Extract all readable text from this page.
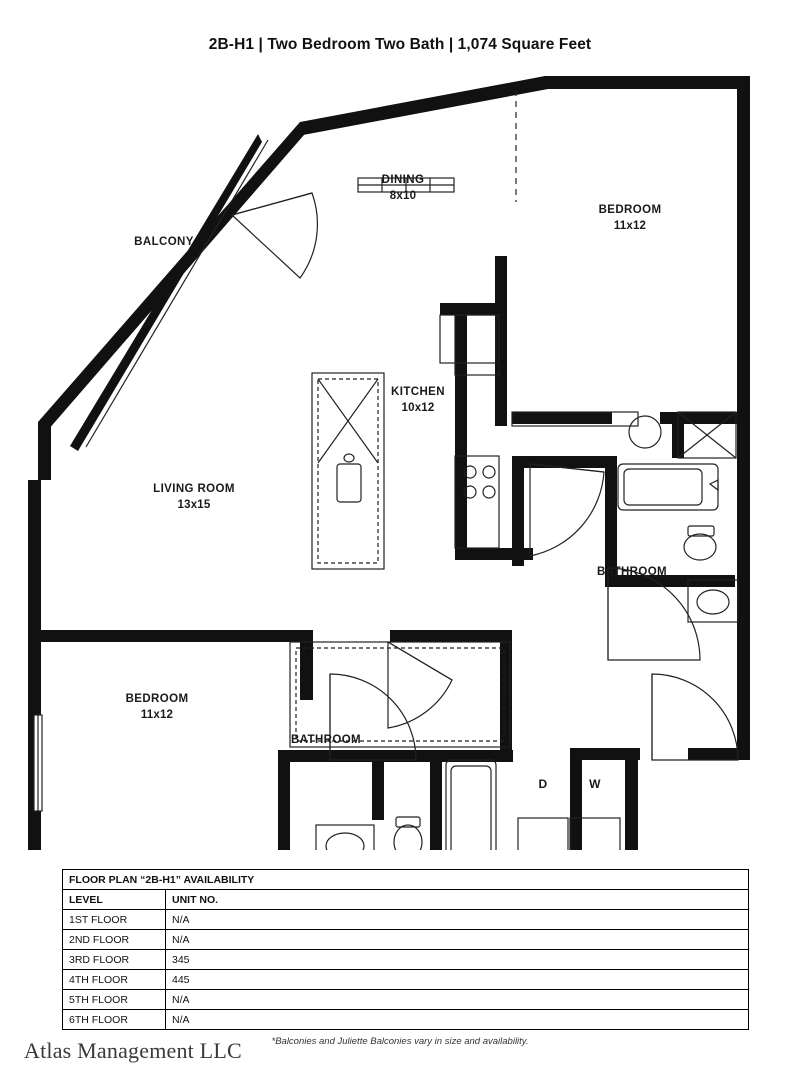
2B-H1 | Two Bedroom Two Bath | 1,074 Square Feet
BALCONY
DINING
8x10
BEDROOM
11x12
KITCHEN
10x12
LIVING ROOM
13x15
BATHROOM
BEDROOM
11x12
BATHROOM
D	W
FLOOR PLAN “2B-H1” AVAILABILITY	
LEVEL	UNIT NO.
1ST FLOOR	N/A
2ND FLOOR	N/A
3RD FLOOR	345
4TH FLOOR	445
5TH FLOOR	N/A
6TH FLOOR	N/A
*Balconies and Juliette Balconies vary in size and availability.
Atlas Management LLC
